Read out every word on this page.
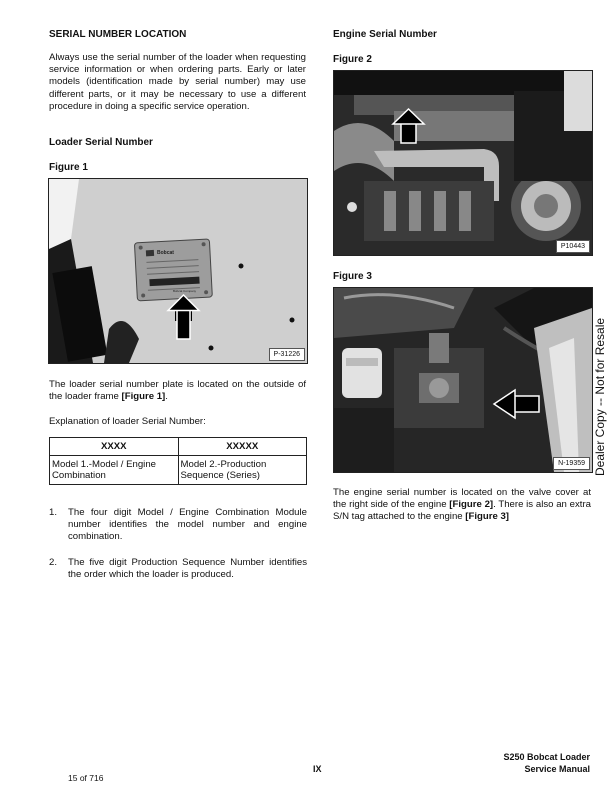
SERIAL NUMBER LOCATION
Always use the serial number of the loader when requesting service information or when ordering parts. Early or later models (identification made by serial number) may use different parts, or it may be necessary to use a different procedure in doing a specific service operation.
Loader Serial Number
Figure 1
Bobcat
Bobcat Company
P-31226
The loader serial number plate is located on the outside of the loader frame [Figure 1].
Explanation of loader Serial Number:
XXXX	XXXXX
Model 1.-Model / Engine Combination	Model 2.-Production Sequence (Series)
1. The four digit Model / Engine Combination Module number identifies the model number and engine combination.
2. The five digit Production Sequence Number identifies the order which the loader is produced.
Engine Serial Number
Figure 2
P10443
Figure 3
N-19359
The engine serial number is located on the valve cover at the right side of the engine [Figure 2]. There is also an extra S/N tag attached to the engine [Figure 3]
Dealer Copy -- Not for Resale
15 of 716
IX
S250 Bobcat Loader
Service Manual
